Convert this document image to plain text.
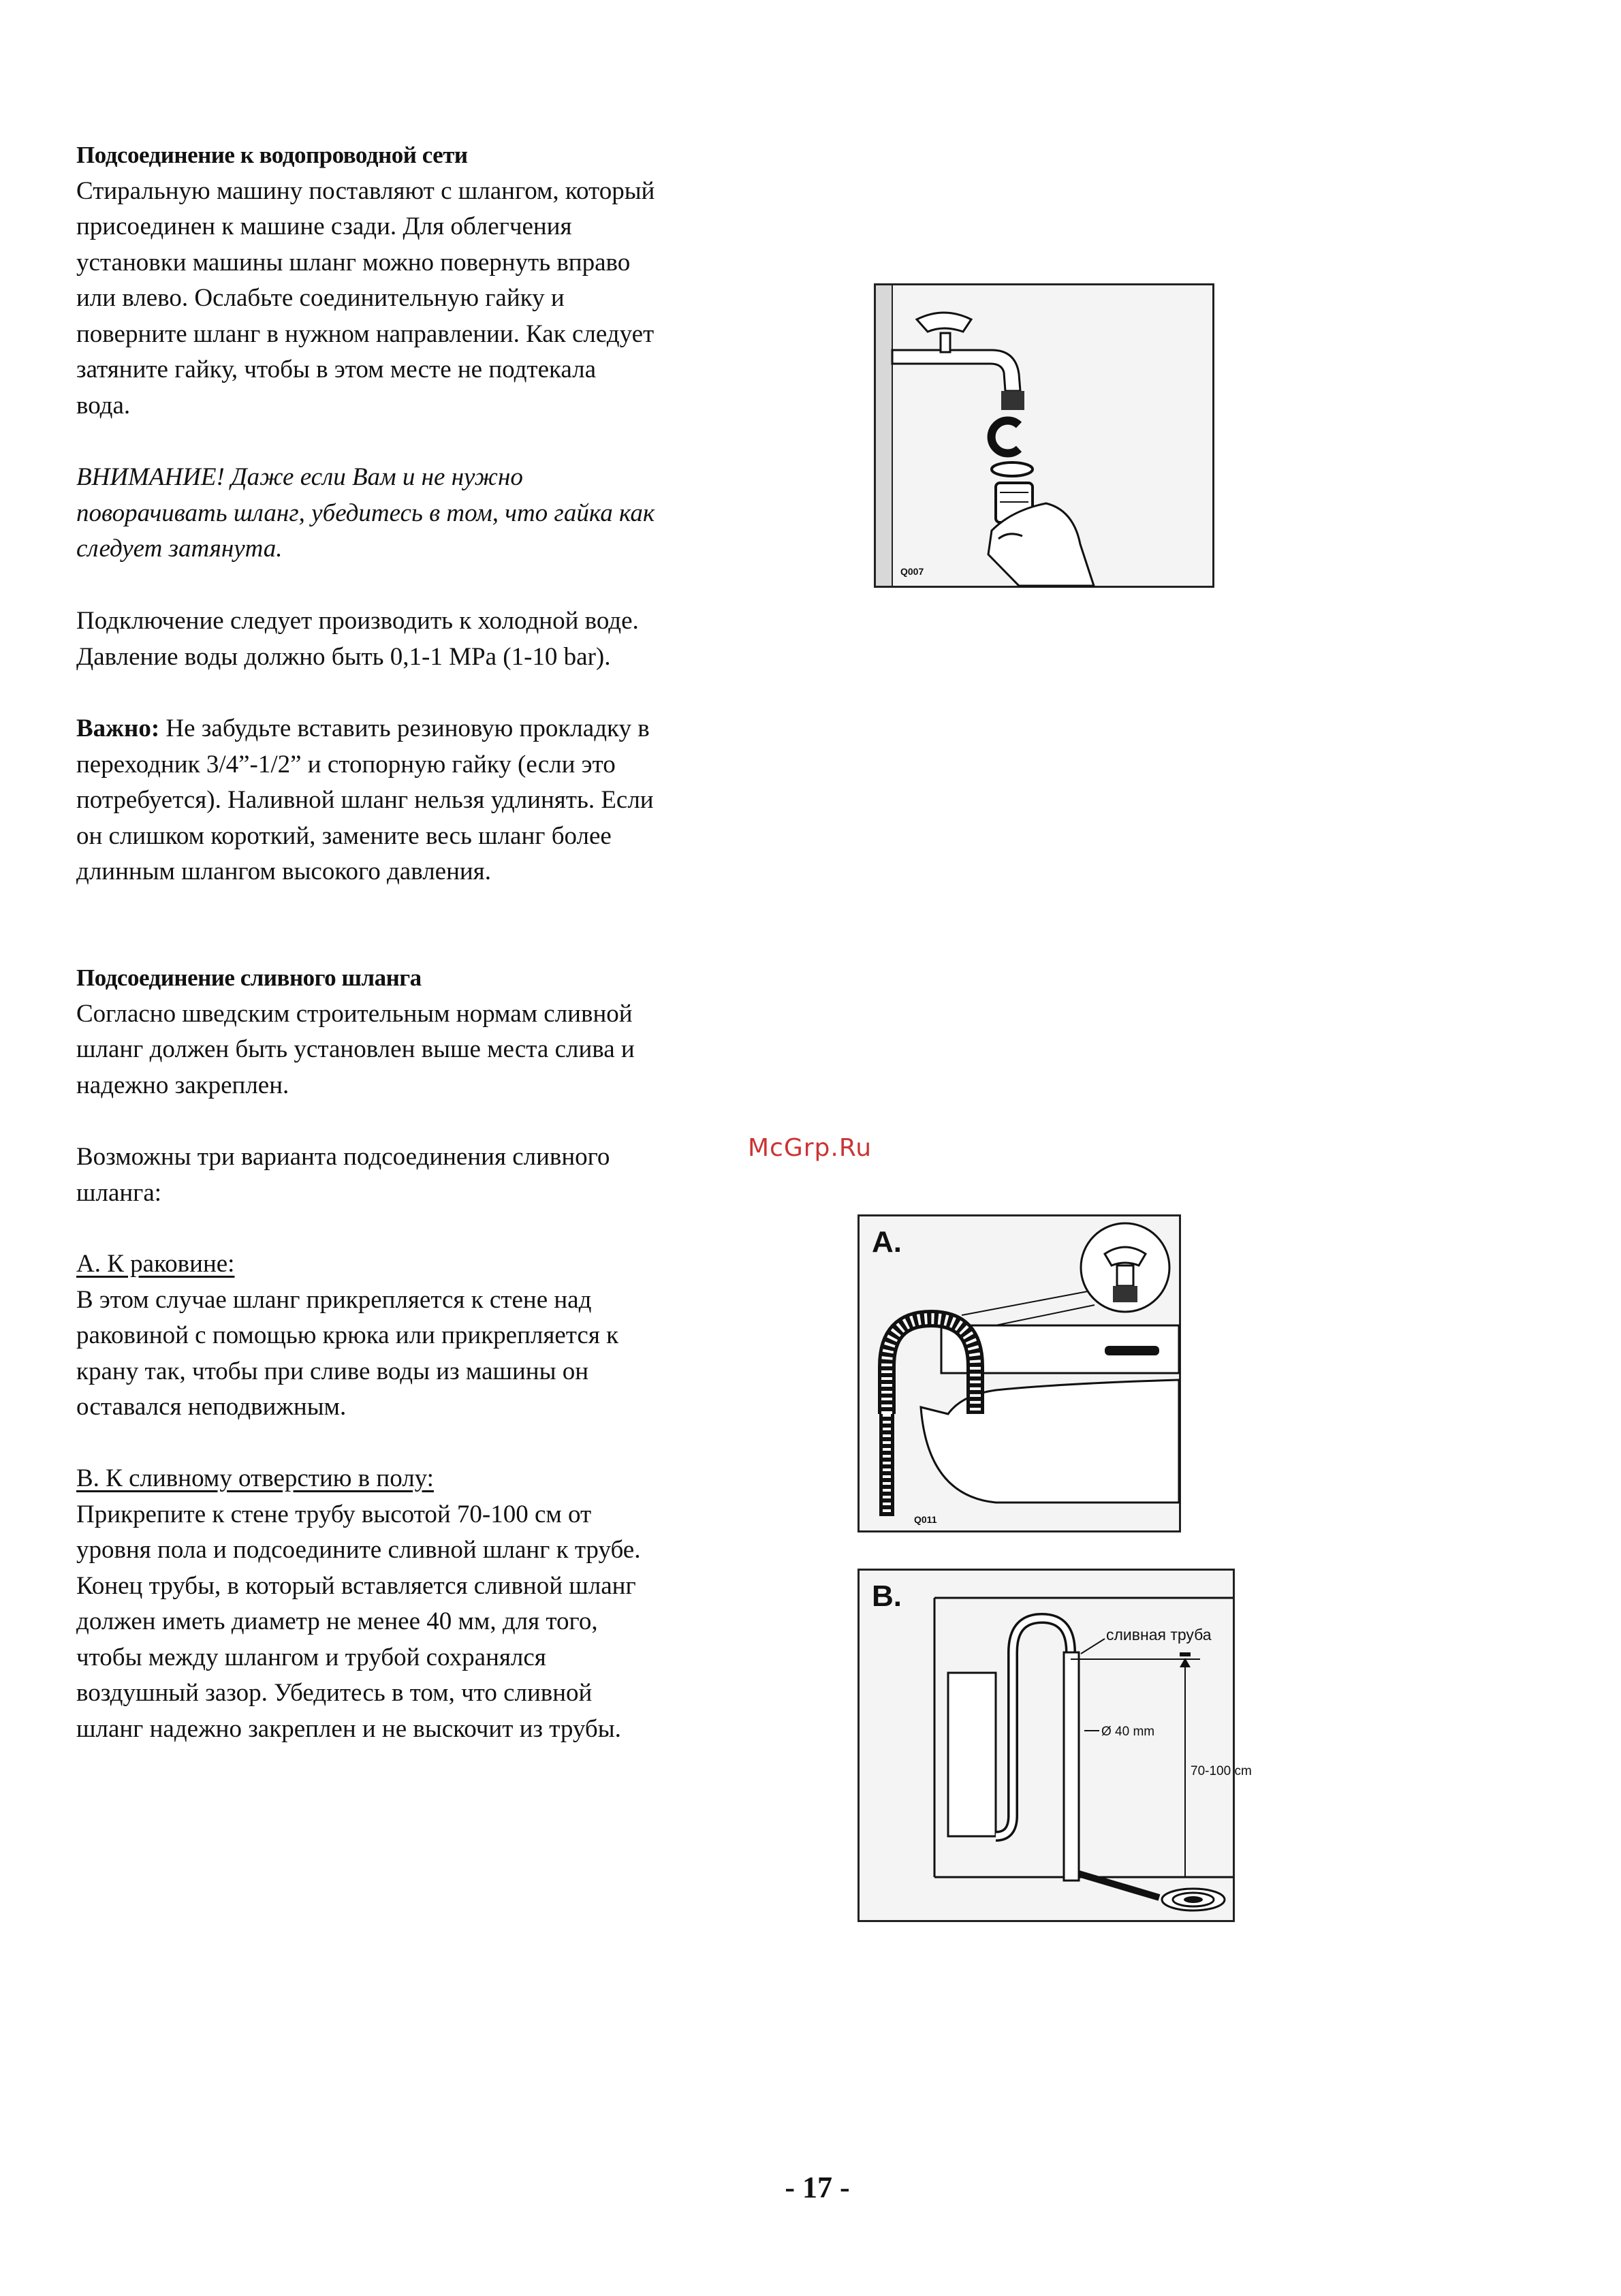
Подсоединение к водопроводной сети

Стиральную машину поставляют с шлангом, который

присоединен к машине сзади. Для облегчения

установки машины шланг можно повернуть вправо

или влево. Ослабьте соединительную гайку и

поверните шланг в нужном направлении. Как следует

затяните гайку, чтобы в этом месте не подтекала

вода.

ВНИМАНИЕ! Даже если Вам и не нужно

поворачивать шланг, убедитесь в том, что гайка как

следует затянута.

Подключение следует производить к холодной воде.

Давление воды должно быть 0,1-1 MPa (1-10 bar).

Важно: Не забудьте вставить резиновую прокладку в

переходник 3/4”-1/2” и стопорную гайку (если это

потребуется). Наливной шланг нельзя удлинять. Если

он слишком короткий, замените весь шланг более

длинным шлангом высокого давления.

Подсоединение сливного шланга

Согласно шведским строительным нормам сливной

шланг должен быть установлен выше места слива и

надежно закреплен.

Возможны три варианта подсоединения сливного

шланга:

А. К раковине:

В этом случае шланг прикрепляется к стене над

раковиной с помощью крюка или прикрепляется к

крану так, чтобы при сливе воды из машины он

оставался неподвижным.

В. К сливному отверстию в полу:

Прикрепите к стене трубу высотой 70-100 см от

уровня пола и подсоедините сливной шланг к трубе.

Конец трубы, в который вставляется сливной шланг

должен иметь диаметр не менее 40 мм, для того,

чтобы между шлангом и трубой сохранялся

воздушный зазор. Убедитесь в том, что сливной

шланг надежно закреплен и не выскочит из трубы.

McGrp.Ru
Q007
A.
Q011
B.
сливная труба
Ø 40 mm
70-100 cm
- 17 -
